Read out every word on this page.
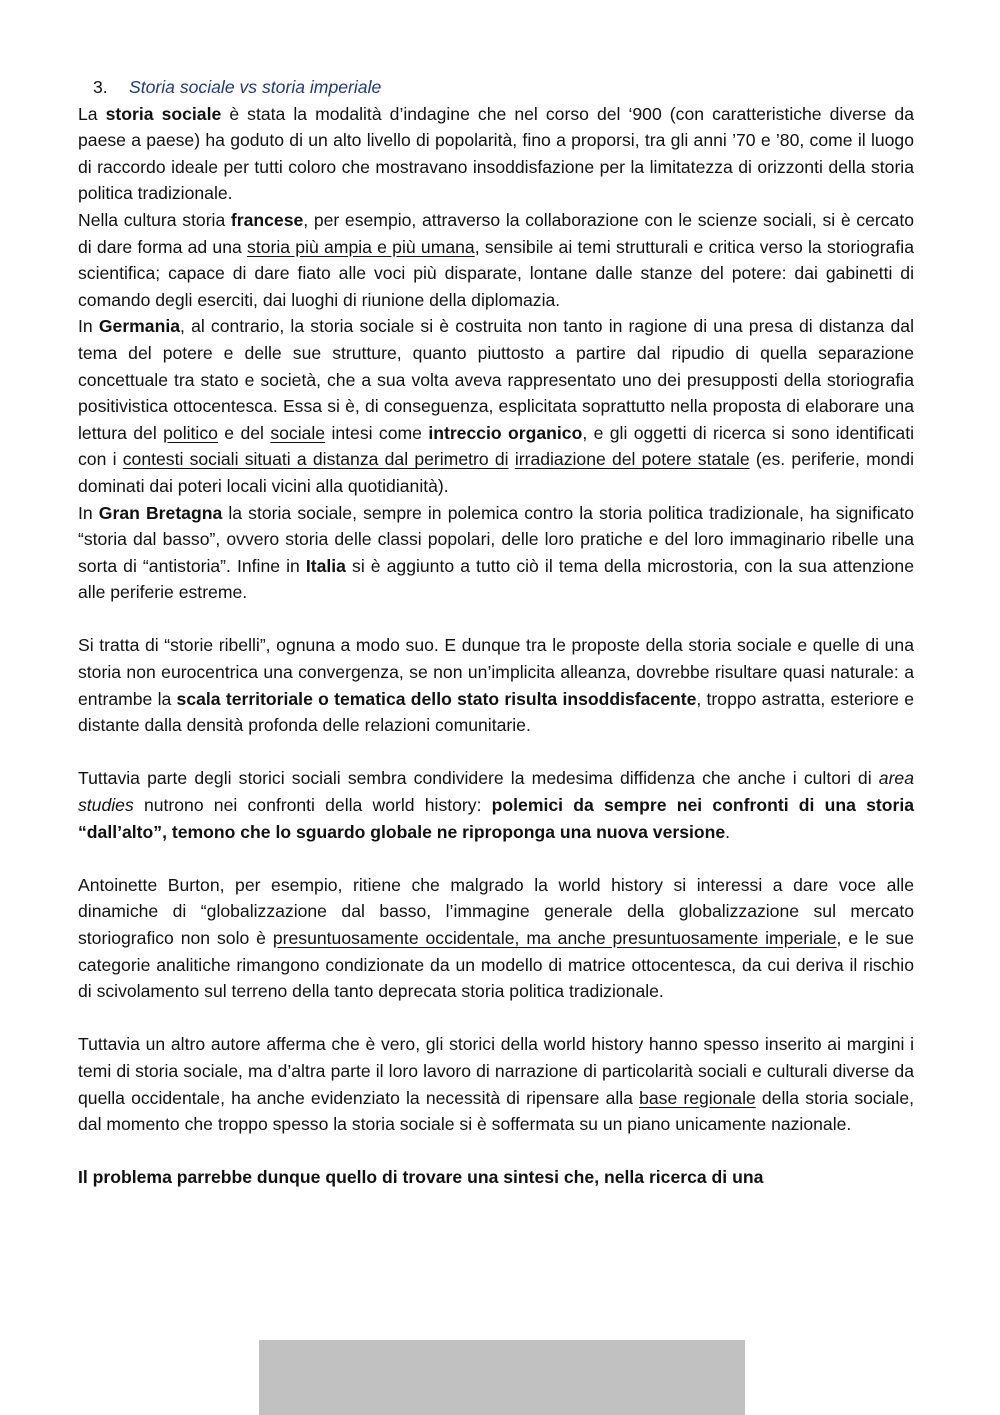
3.	Storia sociale vs storia imperiale

La storia sociale è stata la modalità d’indagine che nel corso del ‘900 (con caratteristiche diverse da paese a paese) ha goduto di un alto livello di popolarità, fino a proporsi, tra gli anni ’70 e ’80, come il luogo di raccordo ideale per tutti coloro che mostravano insoddisfazione per la limitatezza di orizzonti della storia politica tradizionale.

Nella cultura storia francese, per esempio, attraverso la collaborazione con le scienze sociali, si è cercato di dare forma ad una storia più ampia e più umana, sensibile ai temi strutturali e critica verso la storiografia scientifica; capace di dare fiato alle voci più disparate, lontane dalle stanze del potere: dai gabinetti di comando degli eserciti, dai luoghi di riunione della diplomazia.

In Germania, al contrario, la storia sociale si è costruita non tanto in ragione di una presa di distanza dal tema del potere e delle sue strutture, quanto piuttosto a partire dal ripudio di quella separazione concettuale tra stato e società, che a sua volta aveva rappresentato uno dei presupposti della storiografia positivistica ottocentesca. Essa si è, di conseguenza, esplicitata soprattutto nella proposta di elaborare una lettura del politico e del sociale intesi come intreccio organico, e gli oggetti di ricerca si sono identificati con i contesti sociali situati a distanza dal perimetro di irradiazione del potere statale (es. periferie, mondi dominati dai poteri locali vicini alla quotidianità).

In Gran Bretagna la storia sociale, sempre in polemica contro la storia politica tradizionale, ha significato “storia dal basso”, ovvero storia delle classi popolari, delle loro pratiche e del loro immaginario ribelle una sorta di “antistoria”. Infine in Italia si è aggiunto a tutto ciò il tema della microstoria, con la sua attenzione alle periferie estreme.

Si tratta di “storie ribelli”, ognuna a modo suo. E dunque tra le proposte della storia sociale e quelle di una storia non eurocentrica una convergenza, se non un’implicita alleanza, dovrebbe risultare quasi naturale: a entrambe la scala territoriale o tematica dello stato risulta insoddisfacente, troppo astratta, esteriore e distante dalla densità profonda delle relazioni comunitarie.

Tuttavia parte degli storici sociali sembra condividere la medesima diffidenza che anche i cultori di area studies nutrono nei confronti della world history: polemici da sempre nei confronti di una storia “dall’alto”, temono che lo sguardo globale ne riproponga una nuova versione.

Antoinette Burton, per esempio, ritiene che malgrado la world history si interessi a dare voce alle dinamiche di “globalizzazione dal basso, l’immagine generale della globalizzazione sul mercato storiografico non solo è presuntuosamente occidentale, ma anche presuntuosamente imperiale, e le sue categorie analitiche rimangono condizionate da un modello di matrice ottocentesca, da cui deriva il rischio di scivolamento sul terreno della tanto deprecata storia politica tradizionale.

Tuttavia un altro autore afferma che è vero, gli storici della world history hanno spesso inserito ai margini i temi di storia sociale, ma d’altra parte il loro lavoro di narrazione di particolarità sociali e culturali diverse da quella occidentale, ha anche evidenziato la necessità di ripensare alla base regionale della storia sociale, dal momento che troppo spesso la storia sociale si è soffermata su un piano unicamente nazionale.

Il problema parrebbe dunque quello di trovare una sintesi che, nella ricerca di una
